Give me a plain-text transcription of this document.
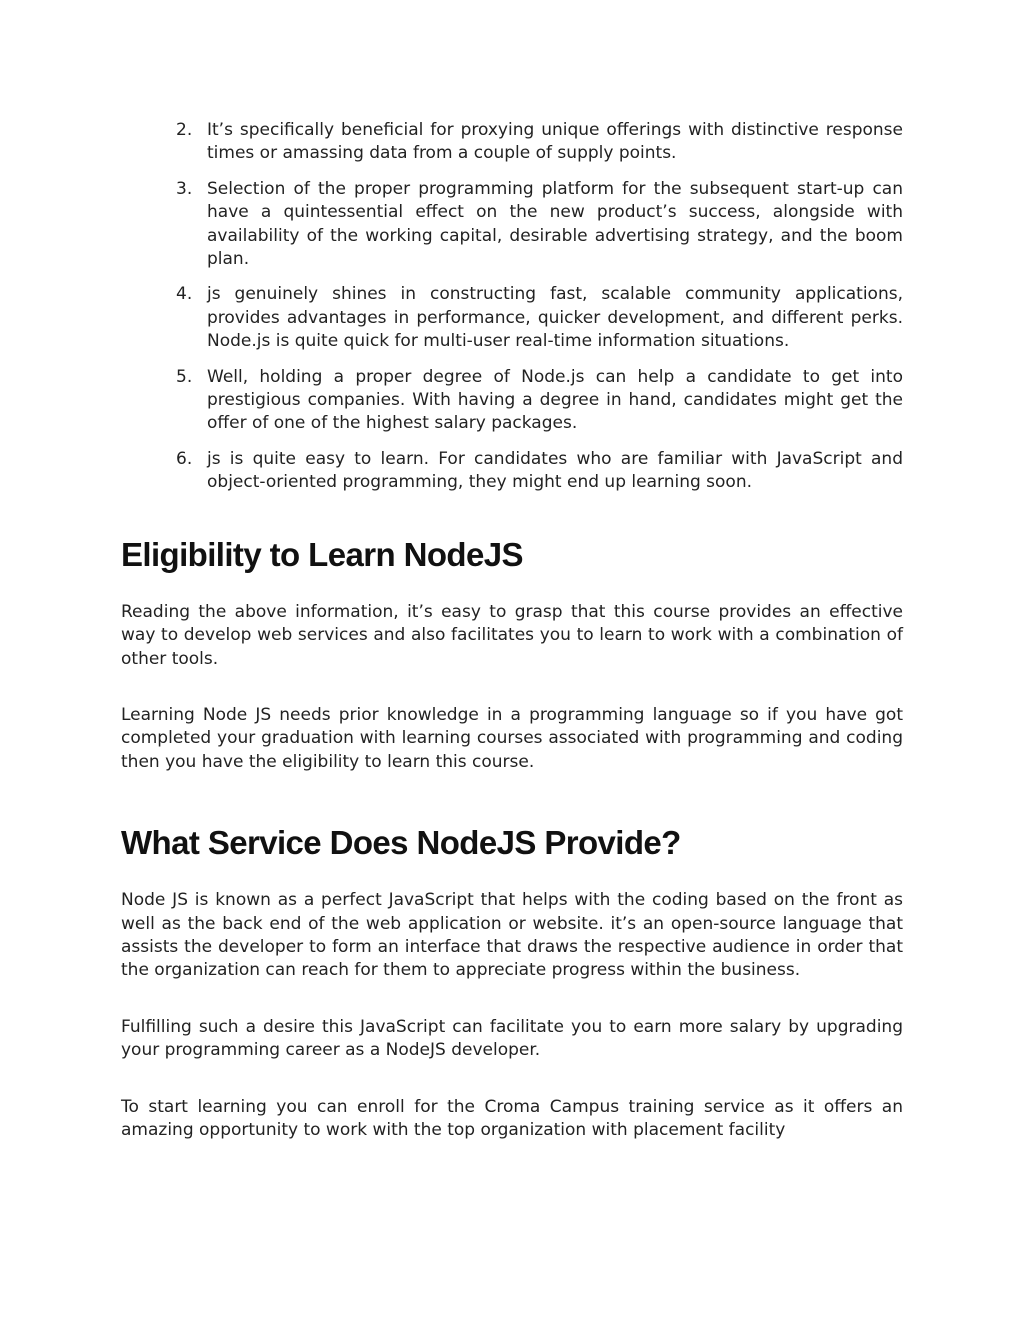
2. It’s specifically beneficial for proxying unique offerings with distinctive response times or amassing data from a couple of supply points.
3. Selection of the proper programming platform for the subsequent start-up can have a quintessential effect on the new product’s success, alongside with availability of the working capital, desirable advertising strategy, and the boom plan.
4. js genuinely shines in constructing fast, scalable community applications, provides advantages in performance, quicker development, and different perks. Node.js is quite quick for multi-user real-time information situations.
5. Well, holding a proper degree of Node.js can help a candidate to get into prestigious companies. With having a degree in hand, candidates might get the offer of one of the highest salary packages.
6. js is quite easy to learn. For candidates who are familiar with JavaScript and object-oriented programming, they might end up learning soon.
Eligibility to Learn NodeJS

Reading the above information, it’s easy to grasp that this course provides an effective way to develop web services and also facilitates you to learn to work with a combination of other tools.

Learning Node JS needs prior knowledge in a programming language so if you have got completed your graduation with learning courses associated with programming and coding then you have the eligibility to learn this course.

What Service Does NodeJS Provide?

Node JS is known as a perfect JavaScript that helps with the coding based on the front as well as the back end of the web application or website. it’s an open-source language that assists the developer to form an interface that draws the respective audience in order that the organization can reach for them to appreciate progress within the business.

Fulfilling such a desire this JavaScript can facilitate you to earn more salary by upgrading your programming career as a NodeJS developer.

To start learning you can enroll for the Croma Campus training service as it offers an amazing opportunity to work with the top organization with placement facility
